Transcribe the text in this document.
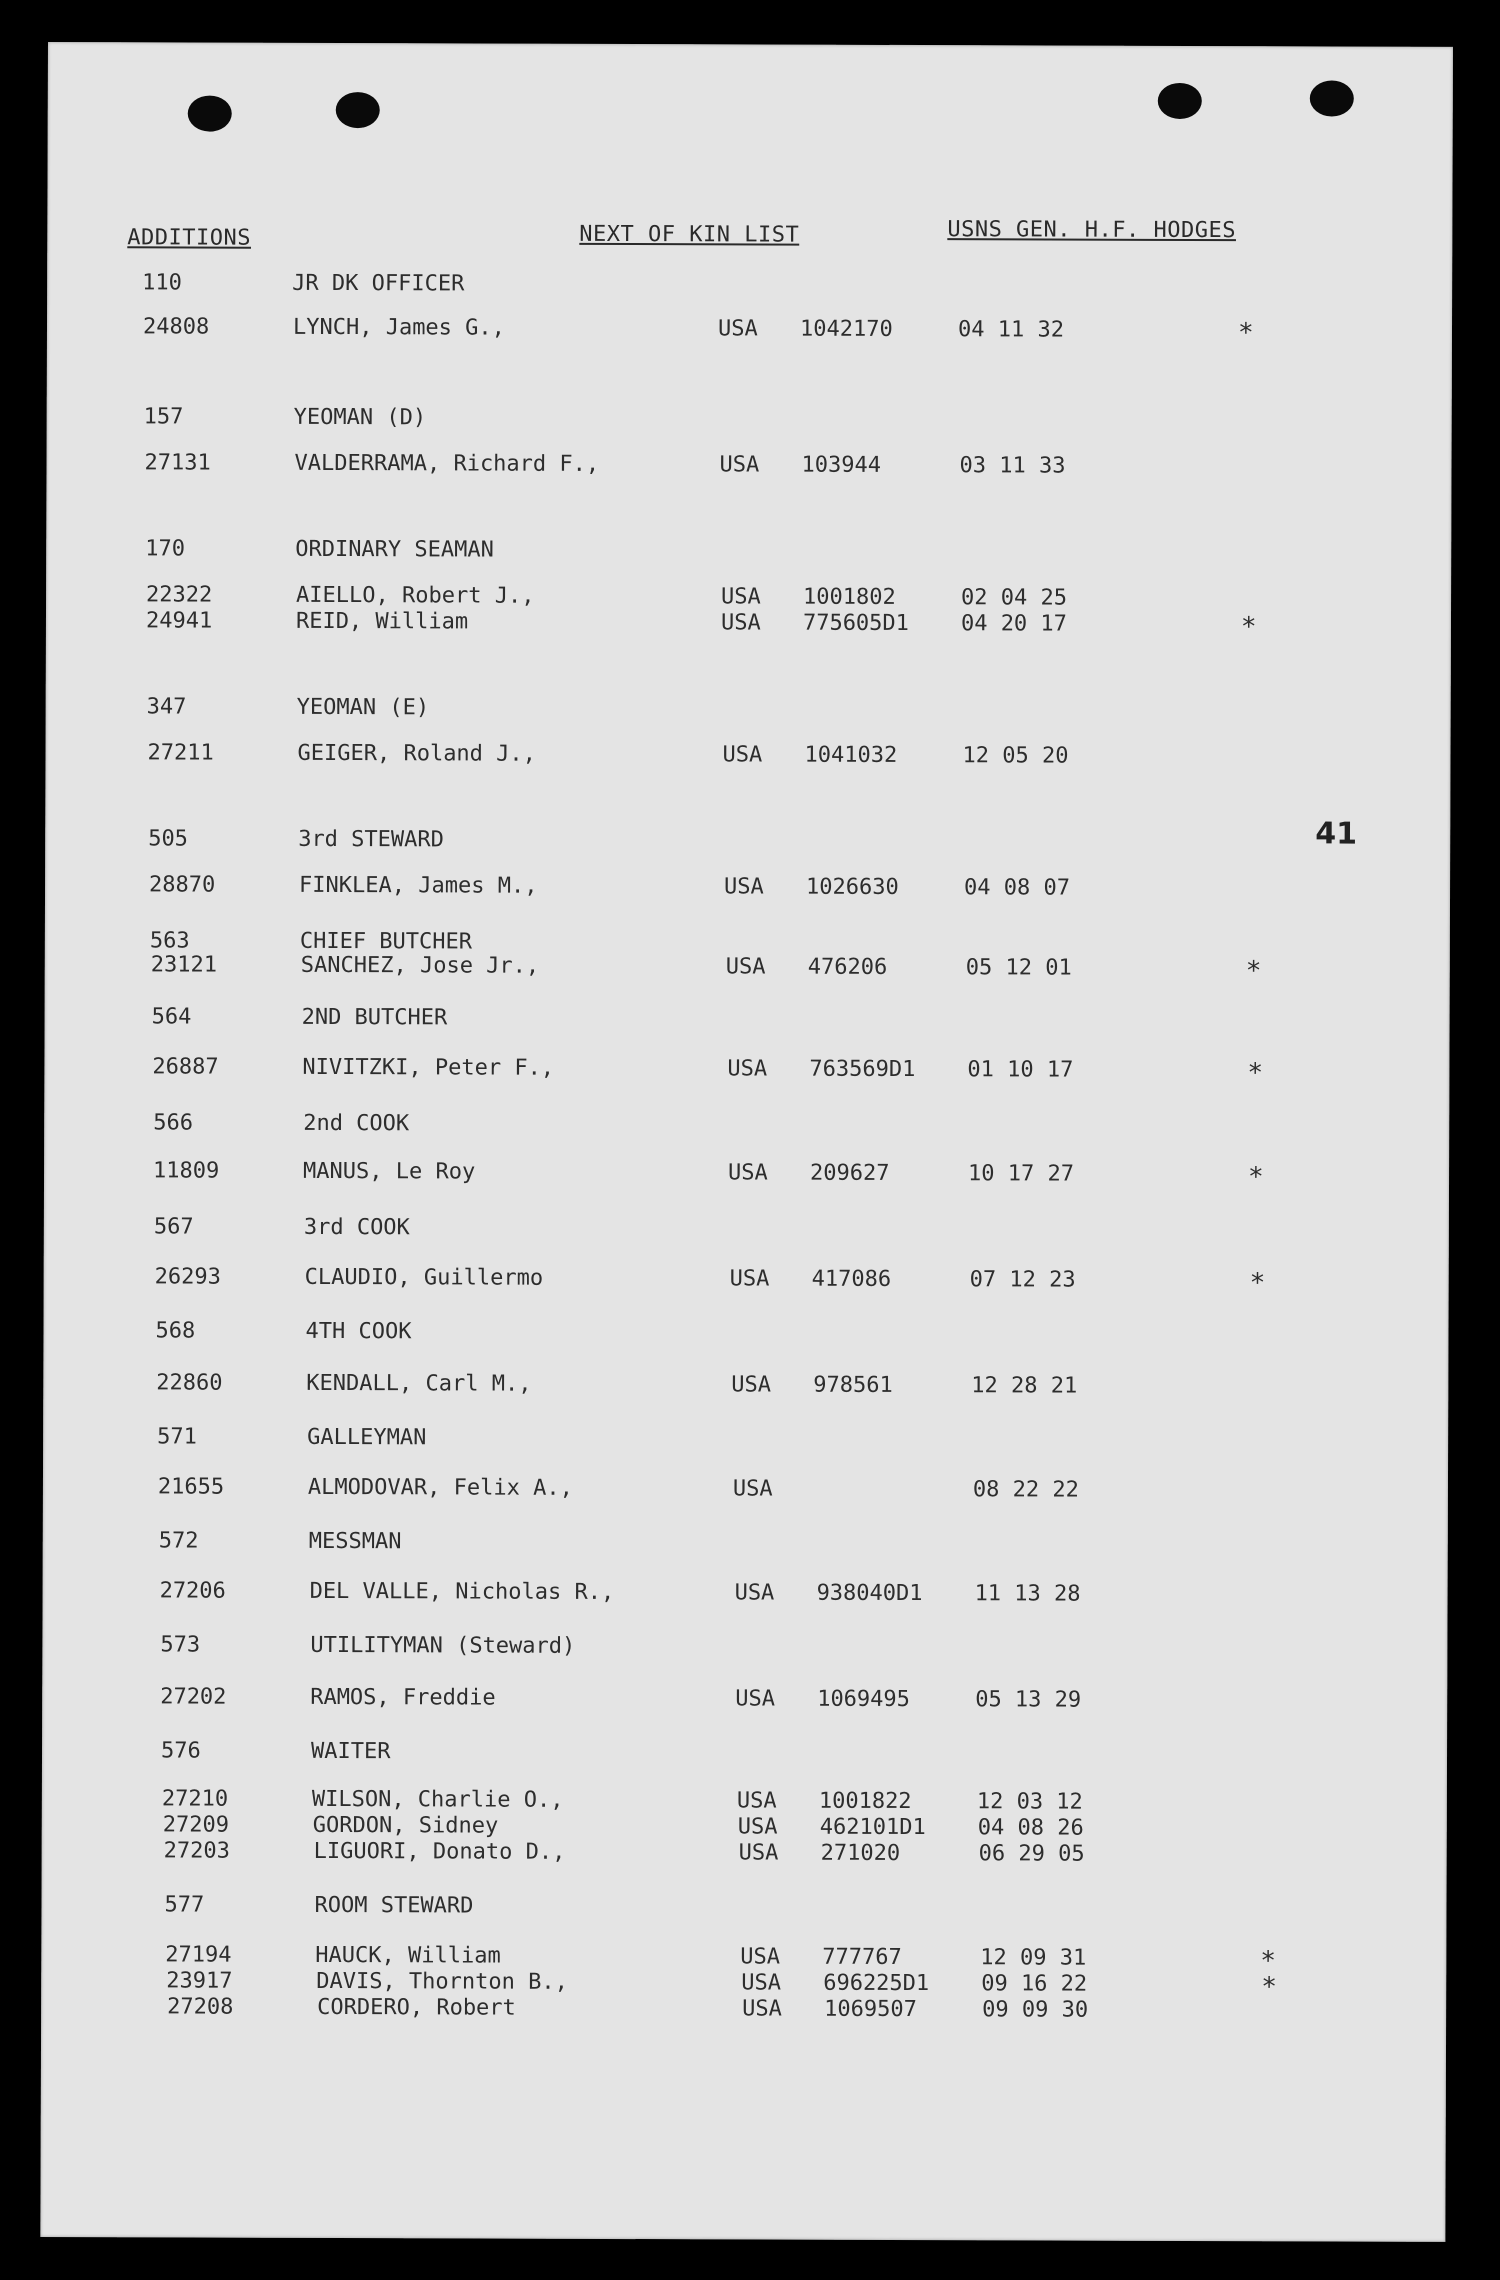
ADDITIONS	NEXT OF KIN LIST	USNS GEN. H.F. HODGES
41
110	JR DK OFFICER
24808	LYNCH, James G.,	USA 1042170	04 11 32	*
157	YEOMAN (D)
27131	VALDERRAMA, Richard F.,	USA 103944	03 11 33
170	ORDINARY SEAMAN
22322	AIELLO, Robert J.,	USA 1001802	02 04 25
24941	REID, William	USA 775605D1 04 20 17	*
347	YEOMAN (E)
27211	GEIGER, Roland J.,	USA 1041032	12 05 20
505	3rd STEWARD
28870	FINKLEA, James M.,	USA 1026630	04 08 07
563	CHIEF BUTCHER
23121	SANCHEZ, Jose Jr.,	USA 476206	05 12 01	*
564	2ND BUTCHER
26887	NIVITZKI, Peter F.,	USA 763569D1 01 10 17	*
566	2nd COOK
11809	MANUS, Le Roy	USA 209627	10 17 27	*
567	3rd COOK
26293	CLAUDIO, Guillermo	USA 417086	07 12 23	*
568	4TH COOK
22860	KENDALL, Carl M.,	USA 978561	12 28 21
571	GALLEYMAN
21655	ALMODOVAR, Felix A.,	USA	08 22 22
572	MESSMAN
27206	DEL VALLE, Nicholas R.,	USA 938040D1 11 13 28
573	UTILITYMAN (Steward)
27202	RAMOS, Freddie	USA 1069495	05 13 29
576	WAITER
27210	WILSON, Charlie O.,	USA 1001822	12 03 12
27209	GORDON, Sidney	USA 462101D1 04 08 26
27203	LIGUORI, Donato D.,	USA 271020	06 29 05
577	ROOM STEWARD
27194	HAUCK, William	USA 777767	12 09 31	*
23917	DAVIS, Thornton B.,	USA 696225D1 09 16 22	*
27208	CORDERO, Robert	USA 1069507	09 09 30
